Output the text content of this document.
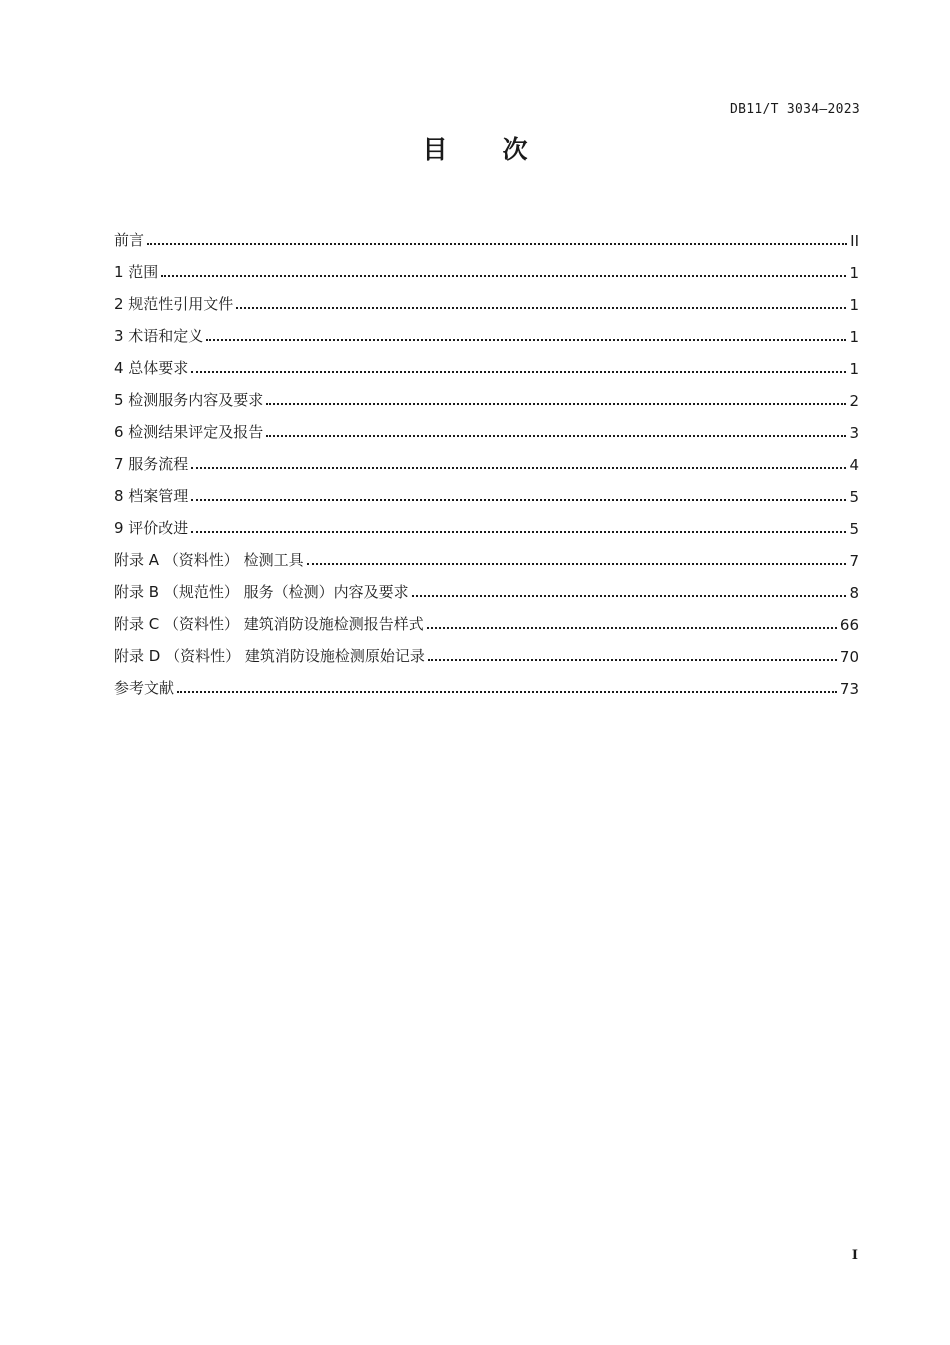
DB11/T 3034—2023
目次
前言	II
1 范围	1
2 规范性引用文件	1
3 术语和定义	1
4 总体要求	1
5 检测服务内容及要求	2
6 检测结果评定及报告	3
7 服务流程	4
8 档案管理	5
9 评价改进	5
附录 A （资料性） 检测工具	7
附录 B （规范性） 服务（检测）内容及要求	8
附录 C （资料性） 建筑消防设施检测报告样式	66
附录 D （资料性） 建筑消防设施检测原始记录	70
参考文献	73
I
